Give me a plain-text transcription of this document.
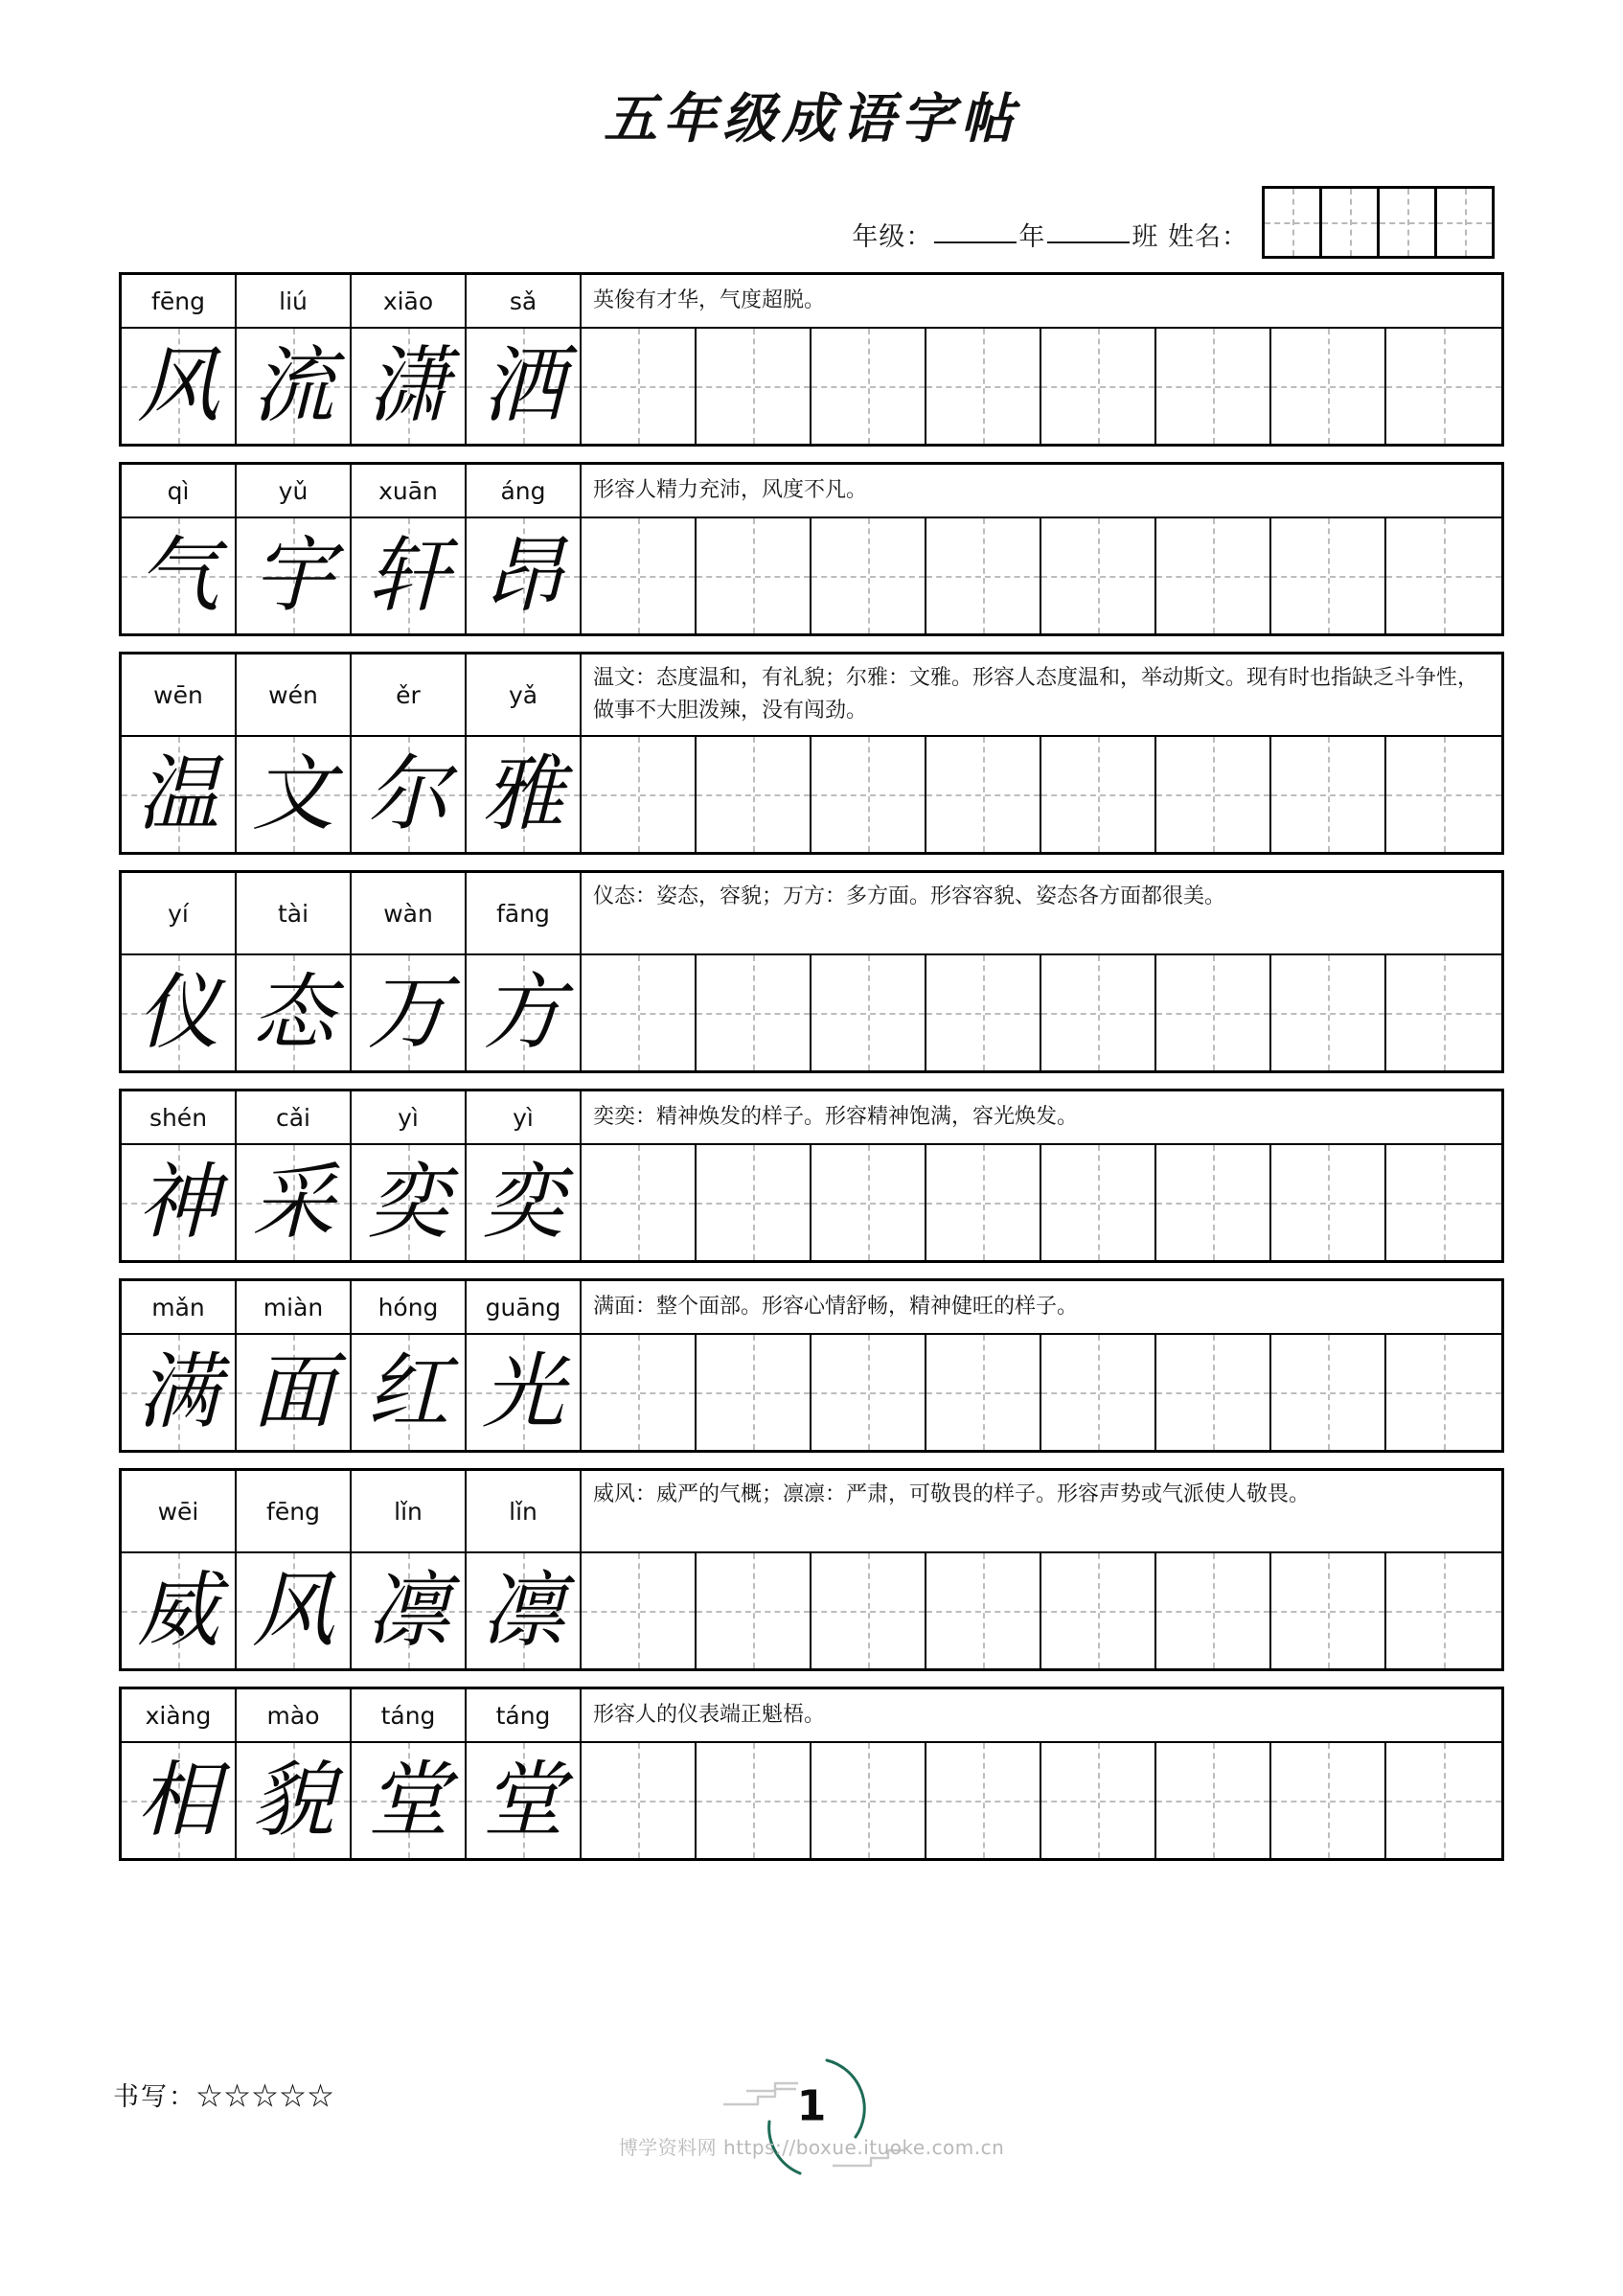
五年级成语字帖
年级：	年	班 姓名：
fēng	liú	xiāo	sǎ	英俊有才华，气度超脱。
风 流 潇 洒
qì	yǔ	xuān	áng	形容人精力充沛，风度不凡。
气 宇 轩 昂
wēn	wén	ěr	yǎ
温文：态度温和，有礼貌；尔雅：文雅。形容人态度温和，举动斯文。现有时也指缺乏斗争性，做事不大胆泼辣，没有闯劲。
温 文 尔 雅
yí	tài	wàn	fāng
仪态：姿态，容貌；万方：多方面。形容容貌、姿态各方面都很美。
仪 态 万 方
shén	cǎi	yì	yì	奕奕：精神焕发的样子。形容精神饱满，容光焕发。
神 采 奕 奕
mǎn	miàn	hóng	guāng	满面：整个面部。形容心情舒畅，精神健旺的样子。
满 面 红 光
wēi	fēng	lǐn	lǐn
威风：威严的气概；凛凛：严肃，可敬畏的样子。形容声势或气派使人敬畏。
威 风 凛 凛
xiàng	mào	táng	táng	形容人的仪表端正魁梧。
相 貌 堂 堂
书写：☆☆☆☆☆	1
博学资料网 https://boxue.ituoke.com.cn
